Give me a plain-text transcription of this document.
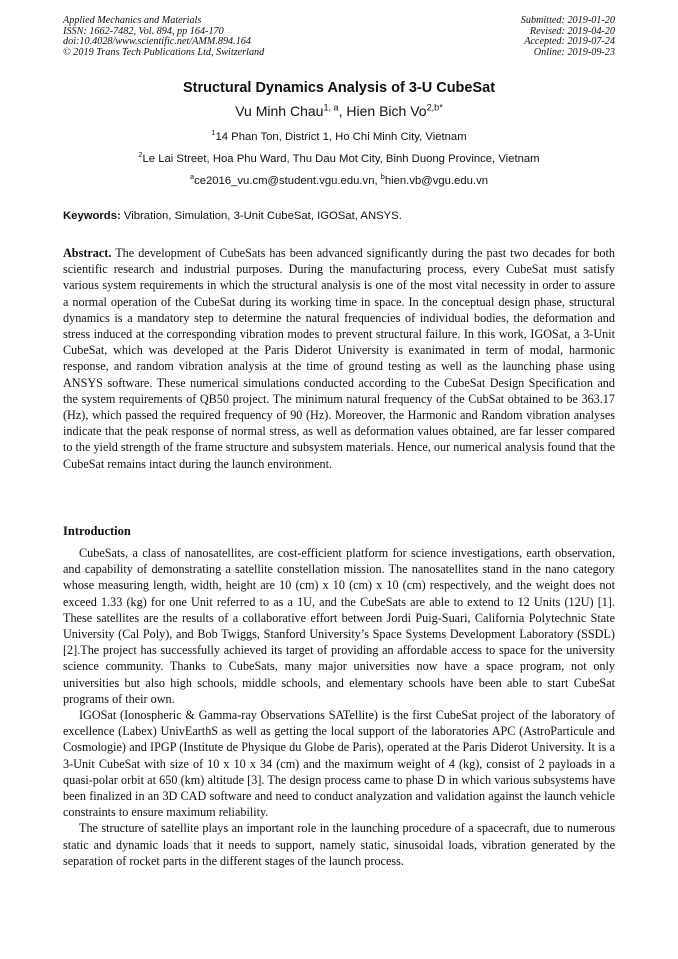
Applied Mechanics and Materials
ISSN: 1662-7482, Vol. 894, pp 164-170
doi:10.4028/www.scientific.net/AMM.894.164
© 2019 Trans Tech Publications Ltd, Switzerland
Submitted: 2019-01-20
Revised: 2019-04-20
Accepted: 2019-07-24
Online: 2019-09-23
Structural Dynamics Analysis of 3-U CubeSat
Vu Minh Chau$^{1, a}$, Hien Bich $Vo^{2,b*}$
$^1$14 Phan Ton, District 1, Ho Chi Minh City, Vietnam
$^2$Le Lai Street, Hoa Phu Ward, Thu Dau Mot City, Binh Duong Province, Vietnam
$^a$ce2016_vu.cm@student.vgu.edu.vn, $^b$hien.vb@vgu.edu.vn
Keywords: Vibration, Simulation, 3-Unit CubeSat, IGOSat, ANSYS.
Abstract. The development of CubeSats has been advanced significantly during the past two decades for both scientific research and industrial purposes. During the manufacturing process, every CubeSat must satisfy various system requirements in which the structural analysis is one of the most vital necessity in order to assure a normal operation of the CubeSat during its working time in space. In the conceptual design phase, structural dynamics is a mandatory step to determine the natural frequencies of individual bodies, the deformation and stress induced at the corresponding vibration modes to prevent structural failure. In this work, IGOSat, a 3-Unit CubeSat, which was developed at the Paris Diderot University is exanimated in term of modal, harmonic response, and random vibration analysis at the time of ground testing as well as the launching phase using ANSYS software. These numerical simulations conducted according to the CubeSat Design Specification and the system requirements of QB50 project. The minimum natural frequency of the CubSat obtained to be 363.17 (Hz), which passed the required frequency of 90 (Hz). Moreover, the Harmonic and Random vibration analyses indicate that the peak response of normal stress, as well as deformation values obtained, are far lesser compared to the yield strength of the frame structure and subsystem materials. Hence, our numerical analysis found that the CubeSat remains intact during the launch environment.
Introduction

CubeSats, a class of nanosatellites, are cost-efficient platform for science investigations, earth observation, and capability of demonstrating a satellite constellation mission. The nanosatellites stand in the nano category whose measuring length, width, height are 10 (cm) x 10 (cm) x 10 (cm) respectively, and the weight does not exceed 1.33 (kg) for one Unit referred to as a 1U, and the CubeSats are able to extend to 12 Units (12U) [1]. These satellites are the results of a collaborative effort between Jordi Puig-Suari, California Polytechnic State University (Cal Poly), and Bob Twiggs, Stanford University’s Space Systems Development Laboratory (SSDL) [2].The project has successfully achieved its target of providing an affordable access to space for the university science community. Thanks to CubeSats, many major universities now have a space program, not only universities but also high schools, middle schools, and elementary schools have been able to start CubeSat programs of their own.

IGOSat (Ionospheric & Gamma-ray Observations SATellite) is the first CubeSat project of the laboratory of excellence (Labex) UnivEarthS as well as getting the local support of the laboratories APC (AstroParticule and Cosmologie) and IPGP (Institute de Physique du Globe de Paris), operated at the Paris Diderot University. It is a 3-Unit CubeSat with size of 10 x 10 x 34 (cm) and the maximum weight of 4 (kg), consist of 2 payloads in a quasi-polar orbit at 650 (km) altitude [3]. The design process came to phase D in which various subsystems have been finalized in an 3D CAD software and need to conduct analyzation and validation against the launch vehicle constraints to ensure maximum reliability.

The structure of satellite plays an important role in the launching procedure of a spacecraft, due to numerous static and dynamic loads that it needs to support, namely static, sinusoidal loads, vibration generated by the separation of rocket parts in the different stages of the launch process.
